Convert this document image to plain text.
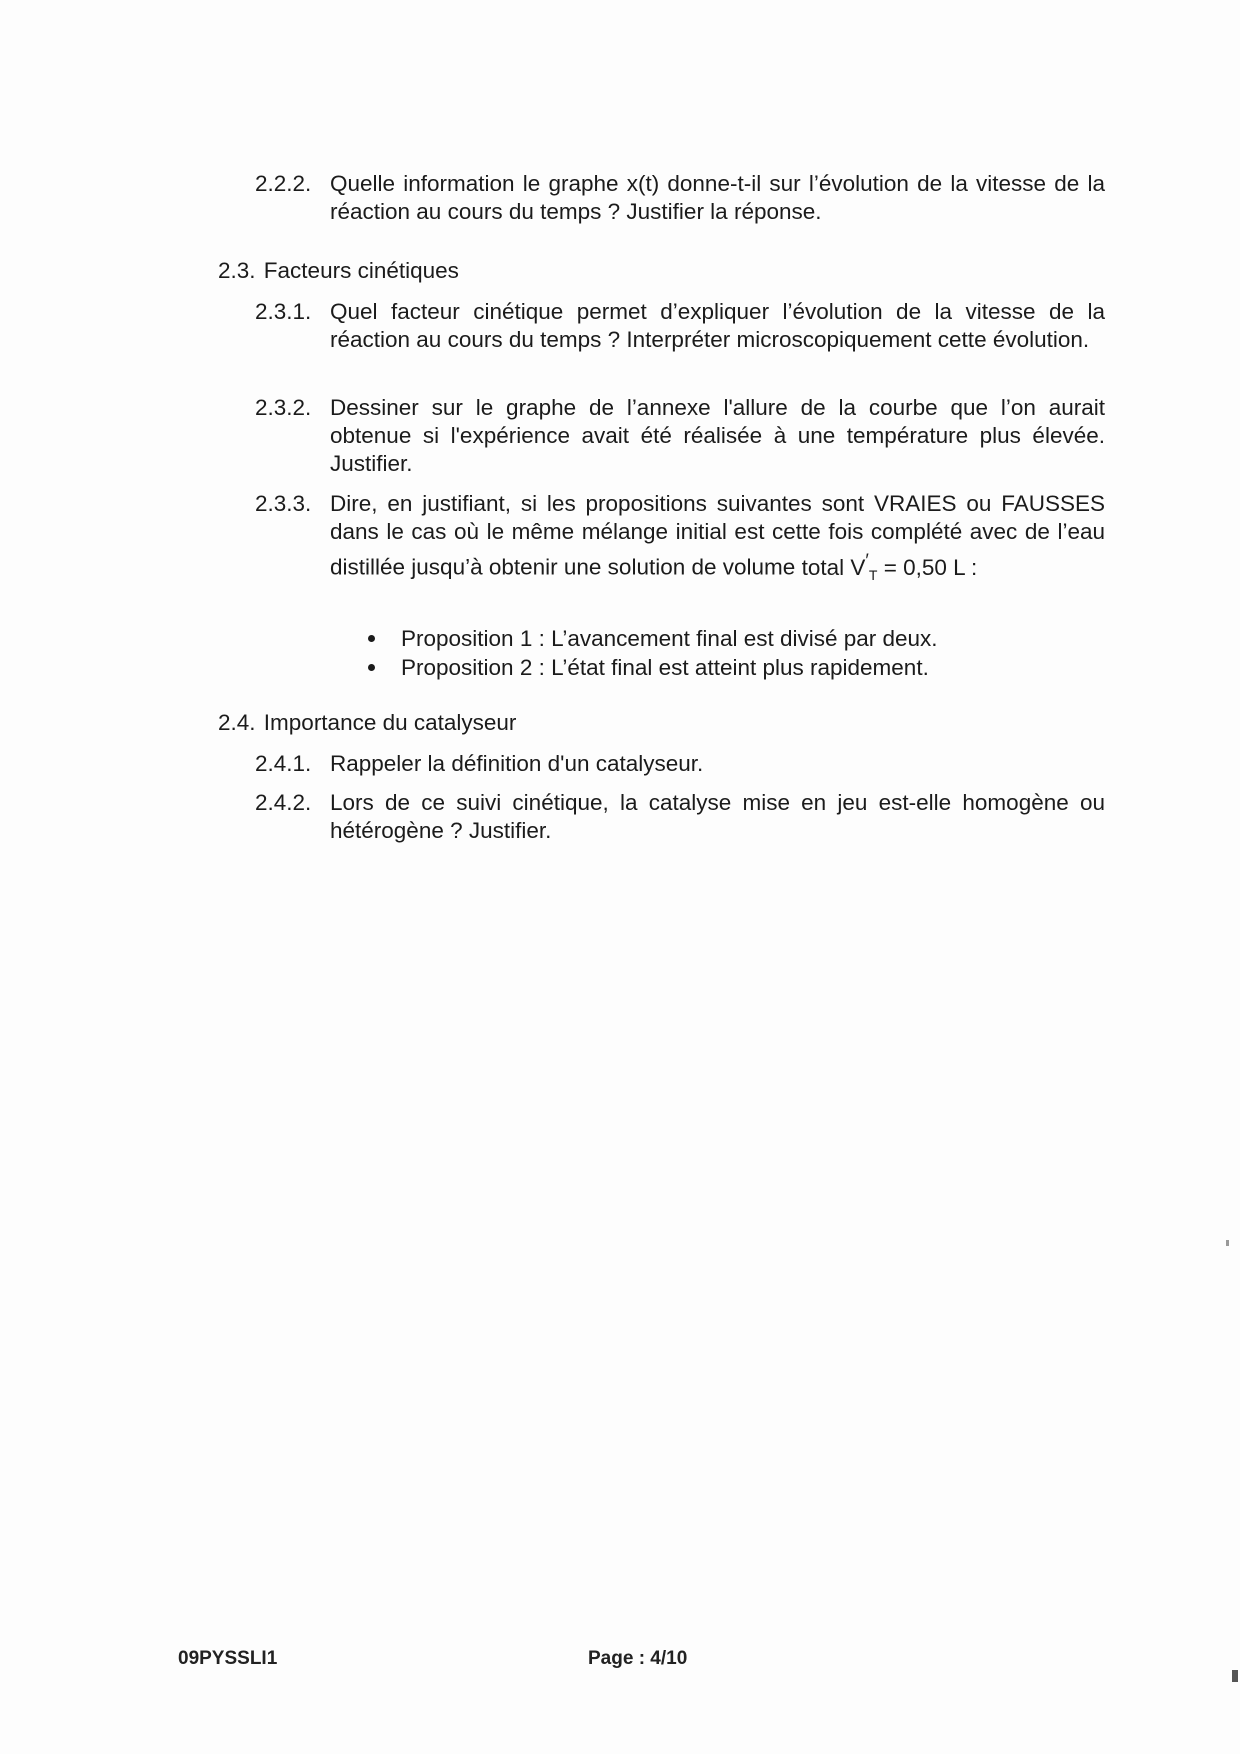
2.2.2. Quelle information le graphe x(t) donne-t-il sur l’évolution de la vitesse de la réaction au cours du temps ? Justifier la réponse.
2.3. Facteurs cinétiques
2.3.1. Quel facteur cinétique permet d’expliquer l’évolution de la vitesse de la réaction au cours du temps ? Interpréter microscopiquement cette évolution.
2.3.2. Dessiner sur le graphe de l’annexe l'allure de la courbe que l’on aurait obtenue si l'expérience avait été réalisée à une température plus élevée. Justifier.
2.3.3. Dire, en justifiant, si les propositions suivantes sont VRAIES ou FAUSSES dans le cas où le même mélange initial est cette fois complété avec de l’eau distillée jusqu’à obtenir une solution de volume total $V'_T = 0,50$ L :
Proposition 1 : L’avancement final est divisé par deux.
Proposition 2 : L’état final est atteint plus rapidement.
2.4. Importance du catalyseur
2.4.1. Rappeler la définition d'un catalyseur.
2.4.2. Lors de ce suivi cinétique, la catalyse mise en jeu est-elle homogène ou hétérogène ? Justifier.
09PYSSLI1	Page : 4/10
